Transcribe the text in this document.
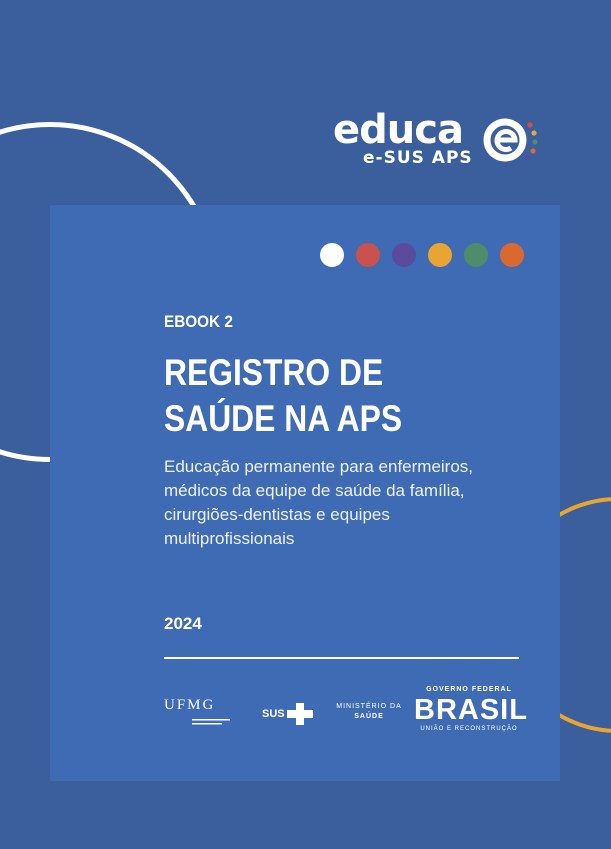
educa
e-SUS APS
EBOOK 2
REGISTRO DE
SAÚDE NA APS
Educação permanente para enfermeiros, médicos da equipe de saúde da família, cirurgiões-dentistas e equipes multiprofissionais
2024
UFMG
SUS
MINISTÉRIO DA
SAÚDE
GOVERNO FEDERAL
BRASIL
UNIÃO E RECONSTRUÇÃO
